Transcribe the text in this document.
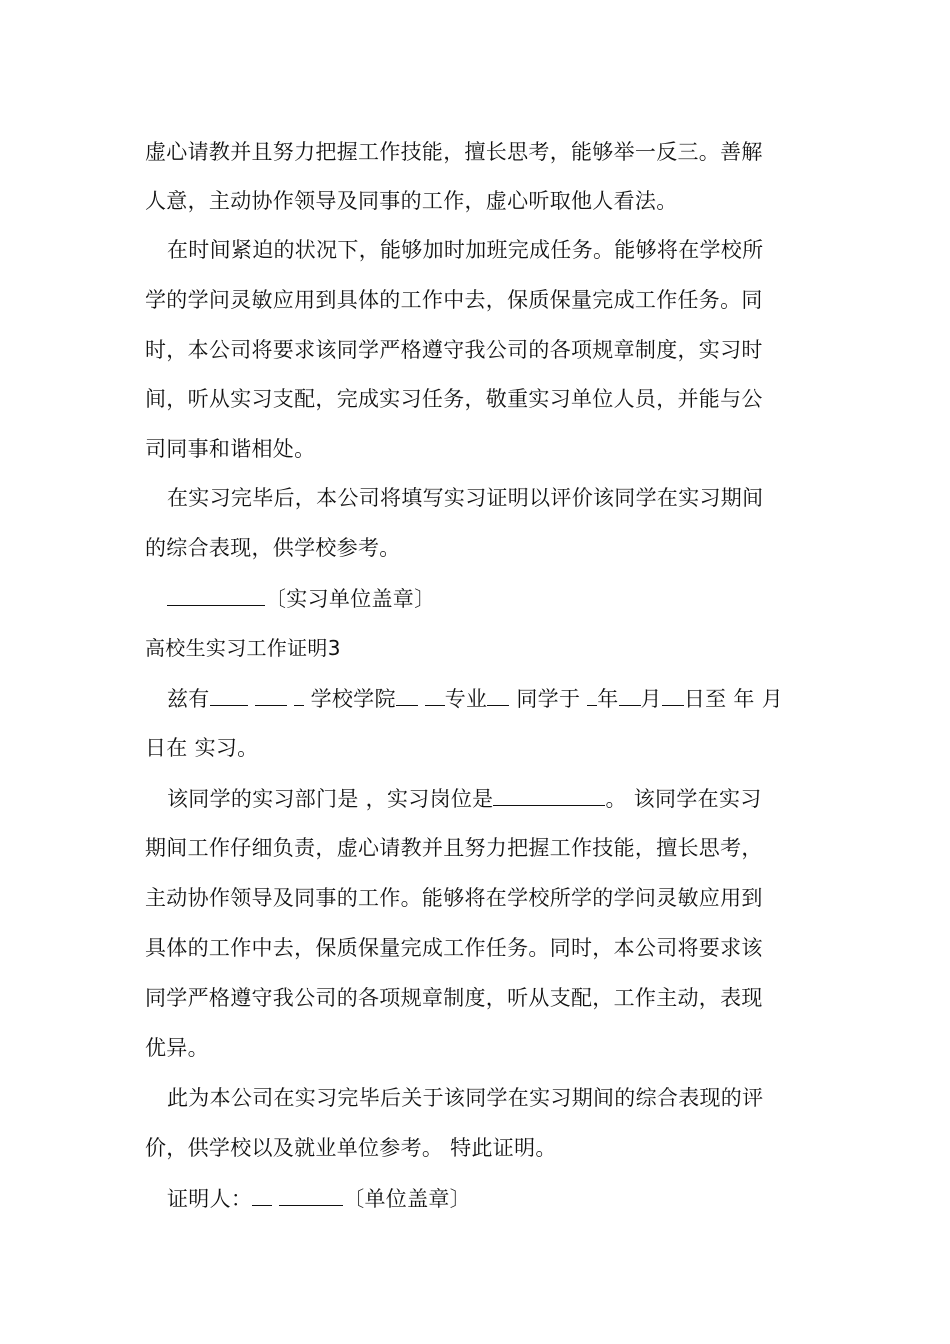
虚心请教并且努力把握工作技能，擅长思考，能够举一反三。善解
人意，主动协作领导及同事的工作，虚心听取他人看法。
在时间紧迫的状况下，能够加时加班完成任务。能够将在学校所
学的学问灵敏应用到具体的工作中去，保质保量完成工作任务。同
时，本公司将要求该同学严格遵守我公司的各项规章制度，实习时
间，听从实习支配，完成实习任务，敬重实习单位人员，并能与公
司同事和谐相处。
在实习完毕后，本公司将填写实习证明以评价该同学在实习期间
的综合表现，供学校参考。
〔实习单位盖章〕
高校生实习工作证明3
兹有	学校学院 专业 同学于 年 月 日至 年 月
日在 实习。
该同学的实习部门是 ，实习岗位是	。 该同学在实习
期间工作仔细负责，虚心请教并且努力把握工作技能，擅长思考，
主动协作领导及同事的工作。能够将在学校所学的学问灵敏应用到
具体的工作中去，保质保量完成工作任务。同时，本公司将要求该
同学严格遵守我公司的各项规章制度，听从支配，工作主动，表现
优异。
此为本公司在实习完毕后关于该同学在实习期间的综合表现的评
价，供学校以及就业单位参考。 特此证明。
证明人：	〔单位盖章〕
